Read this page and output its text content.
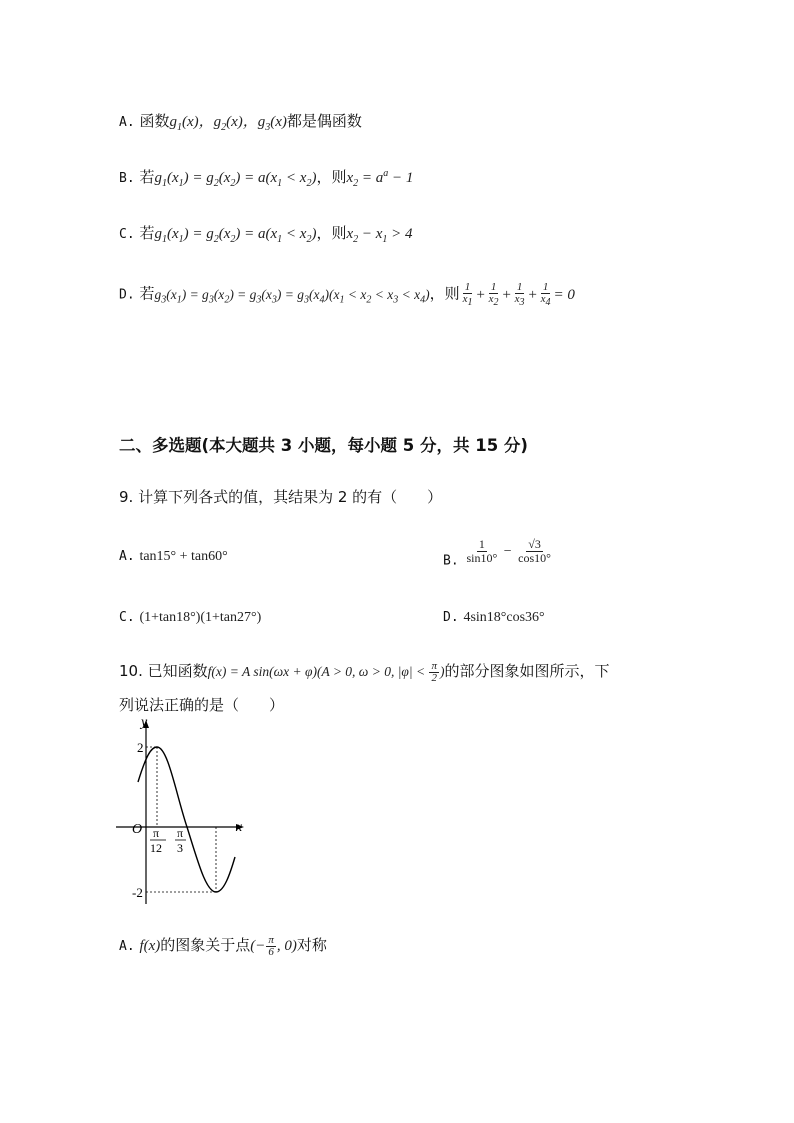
A. 函数$g_1(x)$，$g_2(x)$，$g_3(x)$都是偶函数
B. 若$g_1(x_1) = g_2(x_2) = a(x_1 < x_2)$，则$x_2 = a^a - 1$
C. 若$g_1(x_1) = g_2(x_2) = a(x_1 < x_2)$，则$x_2 - x_1 > 4$
D. 若$g_3(x_1) = g_3(x_2) = g_3(x_3) = g_3(x_4)(x_1 < x_2 < x_3 < x_4)$，则 $\frac{1}{x_1} + \frac{1}{x_2} + \frac{1}{x_3} + \frac{1}{x_4} = 0$
二、多选题(本大题共 3 小题，每小题 5 分，共 15 分)
9. 计算下列各式的值，其结果为 2 的有（　　）
A. tan15° + tan60°	B. $\frac{1}{\sin 10^\circ} - \frac{√3}{\cos 10^\circ}$
C. (1+tan18°)(1+tan27°)	D. 4sin18°cos36°
10. 已知函数f(x) = A sin(ωx + φ)(A > 0, ω > 0, $|\varphi| < \frac{\pi}{2}$ )的部分图象如图所示，下
列说法正确的是（　　）
y
x
O
2
-2
π
12
π
3
A. f(x)的图象关于点(− $\frac{\pi}{6}$ , 0)对称
